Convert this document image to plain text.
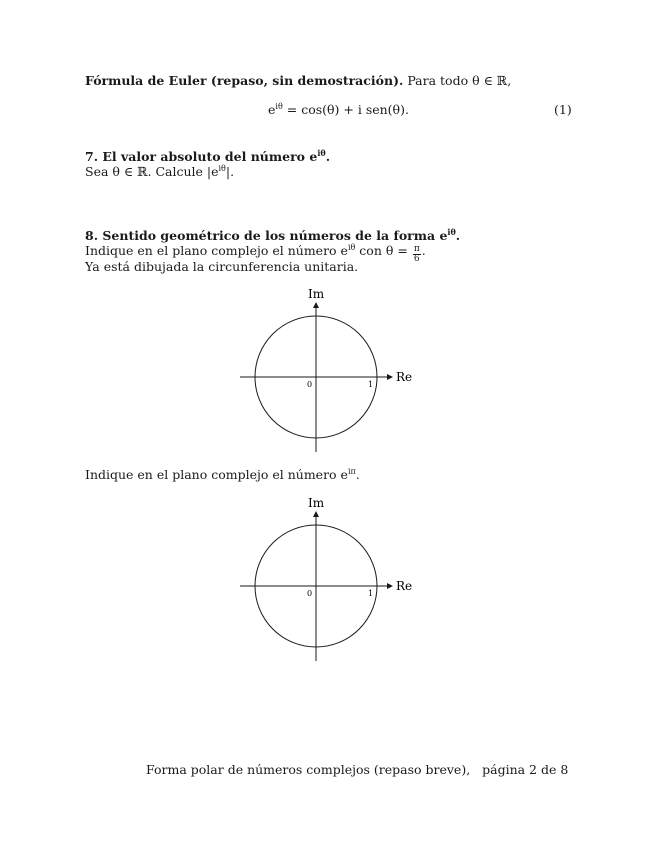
Fórmula de Euler (repaso, sin demostración). Para todo θ ∈ ℝ,
$e^{i\theta} = \cos(\theta) + i$ sen(θ).	(1)
7. El valor absoluto del número $e^{i\theta}$.
Sea θ ∈ ℝ. Calcule $|e^{i\theta}|$.
8. Sentido geométrico de los números de la forma $e^{i\theta}$.
Indique en el plano complejo el número $e^{i\theta}$ con $\theta = \frac{\pi}{6}$ .
Ya está dibujada la circunferencia unitaria.
Im
Re
0	1
Indique en el plano complejo el número $e^{i\pi}$.
Im
Re
0	1
Forma polar de números complejos (repaso breve), página 2 de 8
